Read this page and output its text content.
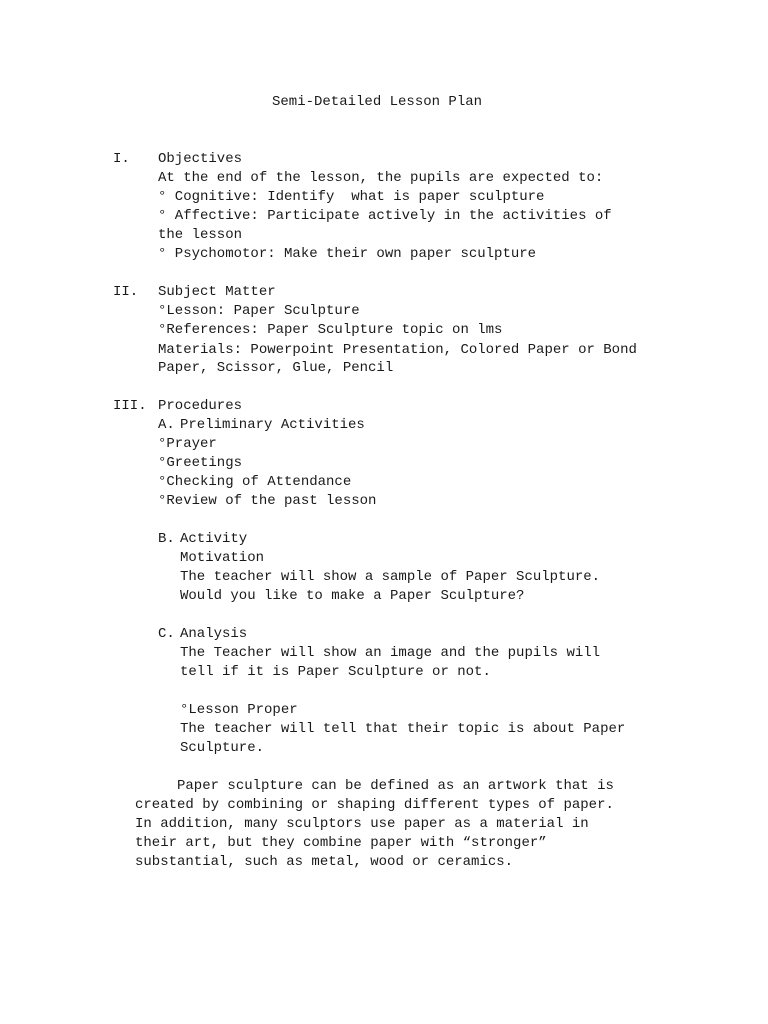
Semi-Detailed Lesson Plan
I. Objectives
At the end of the lesson, the pupils are expected to:
° Cognitive: Identify  what is paper sculpture
° Affective: Participate actively in the activities of
the lesson
° Psychomotor: Make their own paper sculpture
II. Subject Matter
°Lesson: Paper Sculpture
°References: Paper Sculpture topic on lms
Materials: Powerpoint Presentation, Colored Paper or Bond
Paper, Scissor, Glue, Pencil
III. Procedures
A. Preliminary Activities
°Prayer
°Greetings
°Checking of Attendance
°Review of the past lesson
B. Activity
Motivation
The teacher will show a sample of Paper Sculpture.
Would you like to make a Paper Sculpture?
C. Analysis
The Teacher will show an image and the pupils will
tell if it is Paper Sculpture or not.
°Lesson Proper
The teacher will tell that their topic is about Paper
Sculpture.
Paper sculpture can be defined as an artwork that is
created by combining or shaping different types of paper.
In addition, many sculptors use paper as a material in
their art, but they combine paper with “stronger”
substantial, such as metal, wood or ceramics.
